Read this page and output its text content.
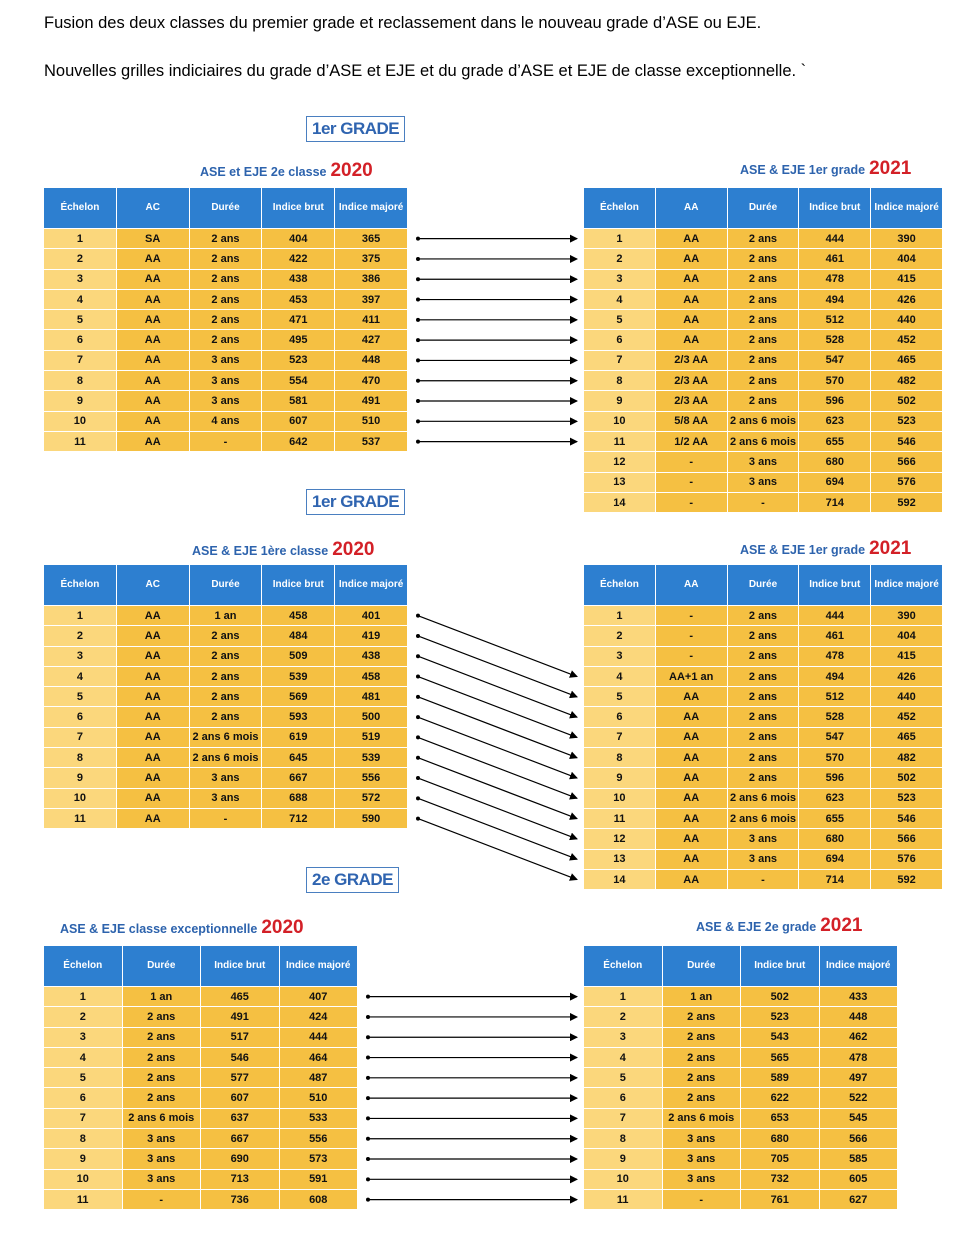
Fusion des deux classes du premier grade et reclassement dans le nouveau grade d’ASE ou EJE.
Nouvelles grilles indiciaires du grade d’ASE et EJE et du grade d’ASE et EJE de classe exceptionnelle. `
1er GRADE
ASE et EJE 2e classe 2020	ASE & EJE 1er grade 2021
Échelon	AC	Durée	Indice brut	Indice majoré
1	SA	2 ans	404	365
2	AA	2 ans	422	375
3	AA	2 ans	438	386
4	AA	2 ans	453	397
5	AA	2 ans	471	411
6	AA	2 ans	495	427
7	AA	3 ans	523	448
8	AA	3 ans	554	470
9	AA	3 ans	581	491
10	AA	4 ans	607	510
11	AA	-	642	537
Échelon	AA	Durée	Indice brut	Indice majoré
1	AA	2 ans	444	390
2	AA	2 ans	461	404
3	AA	2 ans	478	415
4	AA	2 ans	494	426
5	AA	2 ans	512	440
6	AA	2 ans	528	452
7	2/3 AA	2 ans	547	465
8	2/3 AA	2 ans	570	482
9	2/3 AA	2 ans	596	502
10	5/8 AA	2 ans 6 mois	623	523
11	1/2 AA	2 ans 6 mois	655	546
12	-	3 ans	680	566
13	-	3 ans	694	576
14	-	-	714	592
1er GRADE
ASE & EJE 1ère classe 2020	ASE & EJE 1er grade 2021
Échelon	AC	Durée	Indice brut	Indice majoré
1	AA	1 an	458	401
2	AA	2 ans	484	419
3	AA	2 ans	509	438
4	AA	2 ans	539	458
5	AA	2 ans	569	481
6	AA	2 ans	593	500
7	AA	2 ans 6 mois	619	519
8	AA	2 ans 6 mois	645	539
9	AA	3 ans	667	556
10	AA	3 ans	688	572
11	AA	-	712	590
Échelon	AA	Durée	Indice brut	Indice majoré
1	-	2 ans	444	390
2	-	2 ans	461	404
3	-	2 ans	478	415
4	AA+1 an	2 ans	494	426
5	AA	2 ans	512	440
6	AA	2 ans	528	452
7	AA	2 ans	547	465
8	AA	2 ans	570	482
9	AA	2 ans	596	502
10	AA	2 ans 6 mois	623	523
11	AA	2 ans 6 mois	655	546
12	AA	3 ans	680	566
13	AA	3 ans	694	576
14	AA	-	714	592
2e GRADE
ASE & EJE classe exceptionnelle 2020	ASE & EJE 2e grade 2021
Échelon	Durée	Indice brut	Indice majoré
1	1 an	465	407
2	2 ans	491	424
3	2 ans	517	444
4	2 ans	546	464
5	2 ans	577	487
6	2 ans	607	510
7	2 ans 6 mois	637	533
8	3 ans	667	556
9	3 ans	690	573
10	3 ans	713	591
11	-	736	608
Échelon	Durée	Indice brut	Indice majoré
1	1 an	502	433
2	2 ans	523	448
3	2 ans	543	462
4	2 ans	565	478
5	2 ans	589	497
6	2 ans	622	522
7	2 ans 6 mois	653	545
8	3 ans	680	566
9	3 ans	705	585
10	3 ans	732	605
11	-	761	627
